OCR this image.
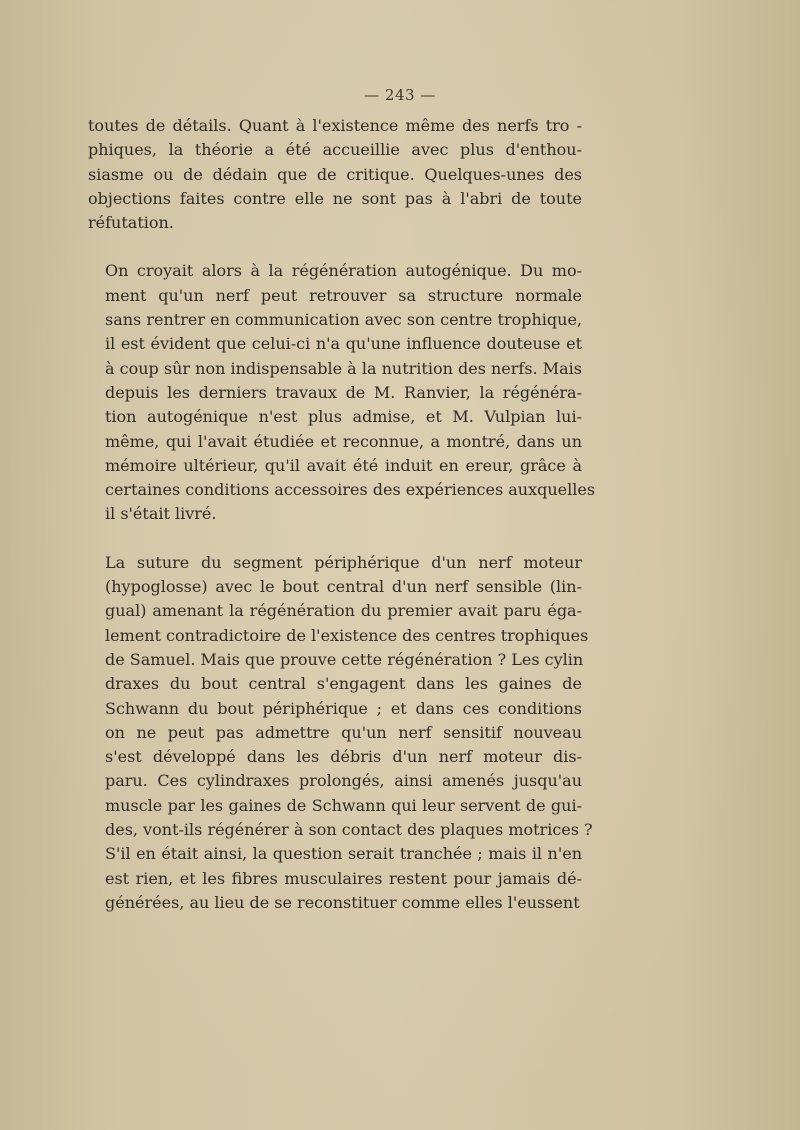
— 243 —

toutes de détails. Quant à l'existence même des nerfs tro -
phiques, la théorie a été accueillie avec plus d'enthou-
siasme ou de dédain que de critique. Quelques-unes des
objections faites contre elle ne sont pas à l'abri de toute
réfutation.

On croyait alors à la régénération autogénique. Du mo-
ment qu'un nerf peut retrouver sa structure normale
sans rentrer en communication avec son centre trophique,
il est évident que celui-ci n'a qu'une influence douteuse et
à coup sûr non indispensable à la nutrition des nerfs. Mais
depuis les derniers travaux de M. Ranvier, la régénéra-
tion autogénique n'est plus admise, et M. Vulpian lui-
même, qui l'avait étudiée et reconnue, a montré, dans un
mémoire ultérieur, qu'il avait été induit en ereur, grâce à
certaines conditions accessoires des expériences auxquelles
il s'était livré.

La suture du segment périphérique d'un nerf moteur
(hypoglosse) avec le bout central d'un nerf sensible (lin-
gual) amenant la régénération du premier avait paru éga-
lement contradictoire de l'existence des centres trophiques
de Samuel. Mais que prouve cette régénération ? Les cylin
draxes du bout central s'engagent dans les gaines de
Schwann du bout périphérique ; et dans ces conditions
on ne peut pas admettre qu'un nerf sensitif nouveau
s'est développé dans les débris d'un nerf moteur dis-
paru. Ces cylindraxes prolongés, ainsi amenés jusqu'au
muscle par les gaines de Schwann qui leur servent de gui-
des, vont-ils régénérer à son contact des plaques motrices ?
S'il en était ainsi, la question serait tranchée ; mais il n'en
est rien, et les fibres musculaires restent pour jamais dé-
générées, au lieu de se reconstituer comme elles l'eussent
